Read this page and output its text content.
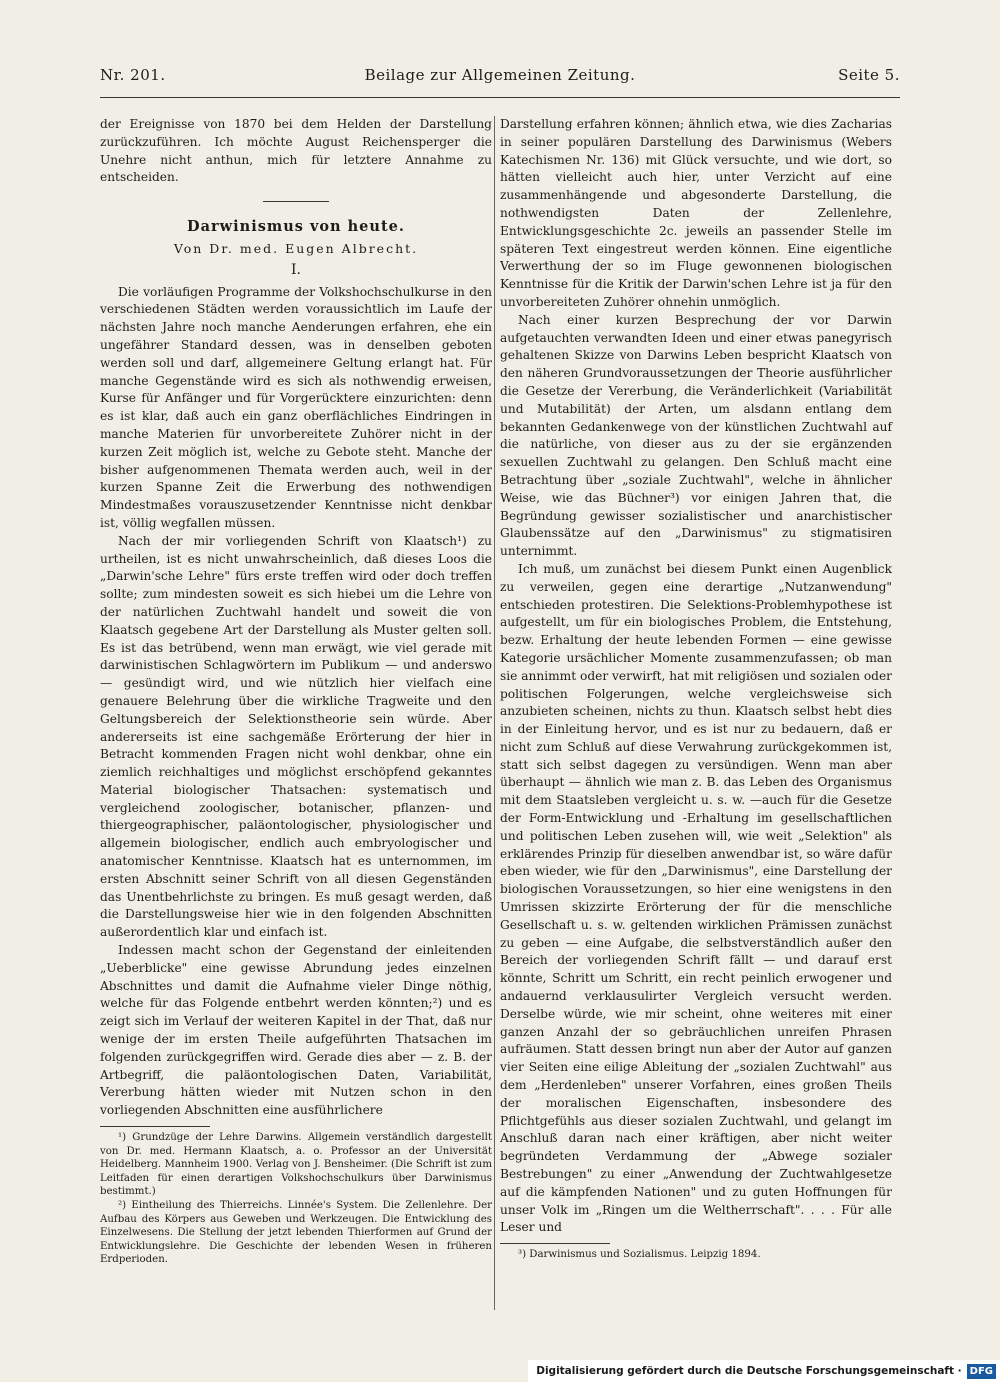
Nr. 201.	Beilage zur Allgemeinen Zeitung.	Seite 5.

der Ereignisse von 1870 bei dem Helden der Darstellung zurückzuführen. Ich möchte August Reichensperger die Unehre nicht anthun, mich für letztere Annahme zu entscheiden.

Darwinismus von heute.
Von Dr. med. Eugen Albrecht.
I.

Die vorläufigen Programme der Volkshochschulkurse in den verschiedenen Städten werden voraussichtlich im Laufe der nächsten Jahre noch manche Aenderungen erfahren, ehe ein ungefährer Standard dessen, was in denselben geboten werden soll und darf, allgemeinere Geltung erlangt hat. Für manche Gegenstände wird es sich als nothwendig erweisen, Kurse für Anfänger und für Vorgerücktere einzurichten: denn es ist klar, daß auch ein ganz oberflächliches Eindringen in manche Materien für unvorbereitete Zuhörer nicht in der kurzen Zeit möglich ist, welche zu Gebote steht. Manche der bisher aufgenommenen Themata werden auch, weil in der kurzen Spanne Zeit die Erwerbung des nothwendigen Mindestmaßes vorauszusetzender Kenntnisse nicht denkbar ist, völlig wegfallen müssen.

Nach der mir vorliegenden Schrift von Klaatsch¹) zu urtheilen, ist es nicht unwahrscheinlich, daß dieses Loos die „Darwin'sche Lehre" fürs erste treffen wird oder doch treffen sollte; zum mindesten soweit es sich hiebei um die Lehre von der natürlichen Zuchtwahl handelt und soweit die von Klaatsch gegebene Art der Darstellung als Muster gelten soll. Es ist das betrübend, wenn man erwägt, wie viel gerade mit darwinistischen Schlagwörtern im Publikum — und anderswo — gesündigt wird, und wie nützlich hier vielfach eine genauere Belehrung über die wirkliche Tragweite und den Geltungsbereich der Selektionstheorie sein würde. Aber andererseits ist eine sachgemäße Erörterung der hier in Betracht kommenden Fragen nicht wohl denkbar, ohne ein ziemlich reichhaltiges und möglichst erschöpfend gekanntes Material biologischer Thatsachen: systematisch und vergleichend zoologischer, botanischer, pflanzen- und thiergeographischer, paläontologischer, physiologischer und allgemein biologischer, endlich auch embryologischer und anatomischer Kenntnisse. Klaatsch hat es unternommen, im ersten Abschnitt seiner Schrift von all diesen Gegenständen das Unentbehrlichste zu bringen. Es muß gesagt werden, daß die Darstellungsweise hier wie in den folgenden Abschnitten außerordentlich klar und einfach ist.

Indessen macht schon der Gegenstand der einleitenden „Ueberblicke" eine gewisse Abrundung jedes einzelnen Abschnittes und damit die Aufnahme vieler Dinge nöthig, welche für das Folgende entbehrt werden könnten;²) und es zeigt sich im Verlauf der weiteren Kapitel in der That, daß nur wenige der im ersten Theile aufgeführten Thatsachen im folgenden zurückgegriffen wird. Gerade dies aber — z. B. der Artbegriff, die paläontologischen Daten, Variabilität, Vererbung hätten wieder mit Nutzen schon in den vorliegenden Abschnitten eine ausführlichere

¹) Grundzüge der Lehre Darwins. Allgemein verständlich dargestellt von Dr. med. Hermann Klaatsch, a. o. Professor an der Universität Heidelberg. Mannheim 1900. Verlag von J. Bensheimer. (Die Schrift ist zum Leitfaden für einen derartigen Volkshochschulkurs über Darwinismus bestimmt.)

²) Eintheilung des Thierreichs. Linnée's System. Die Zellenlehre. Der Aufbau des Körpers aus Geweben und Werkzeugen. Die Entwicklung des Einzelwesens. Die Stellung der jetzt lebenden Thierformen auf Grund der Entwicklungslehre. Die Geschichte der lebenden Wesen in früheren Erdperioden.

Darstellung erfahren können; ähnlich etwa, wie dies Zacharias in seiner populären Darstellung des Darwinismus (Webers Katechismen Nr. 136) mit Glück versuchte, und wie dort, so hätten vielleicht auch hier, unter Verzicht auf eine zusammenhängende und abgesonderte Darstellung, die nothwendigsten Daten der Zellenlehre, Entwicklungsgeschichte 2c. jeweils an passender Stelle im späteren Text eingestreut werden können. Eine eigentliche Verwerthung der so im Fluge gewonnenen biologischen Kenntnisse für die Kritik der Darwin'schen Lehre ist ja für den unvorbereiteten Zuhörer ohnehin unmöglich.

Nach einer kurzen Besprechung der vor Darwin aufgetauchten verwandten Ideen und einer etwas panegyrisch gehaltenen Skizze von Darwins Leben bespricht Klaatsch von den näheren Grundvoraussetzungen der Theorie ausführlicher die Gesetze der Vererbung, die Veränderlichkeit (Variabilität und Mutabilität) der Arten, um alsdann entlang dem bekannten Gedankenwege von der künstlichen Zuchtwahl auf die natürliche, von dieser aus zu der sie ergänzenden sexuellen Zuchtwahl zu gelangen. Den Schluß macht eine Betrachtung über „soziale Zuchtwahl", welche in ähnlicher Weise, wie das Büchner³) vor einigen Jahren that, die Begründung gewisser sozialistischer und anarchistischer Glaubenssätze auf den „Darwinismus" zu stigmatisiren unternimmt.

Ich muß, um zunächst bei diesem Punkt einen Augenblick zu verweilen, gegen eine derartige „Nutzanwendung" entschieden protestiren. Die Selektions-Problemhypothese ist aufgestellt, um für ein biologisches Problem, die Entstehung, bezw. Erhaltung der heute lebenden Formen — eine gewisse Kategorie ursächlicher Momente zusammenzufassen; ob man sie annimmt oder verwirft, hat mit religiösen und sozialen oder politischen Folgerungen, welche vergleichsweise sich anzubieten scheinen, nichts zu thun. Klaatsch selbst hebt dies in der Einleitung hervor, und es ist nur zu bedauern, daß er nicht zum Schluß auf diese Verwahrung zurückgekommen ist, statt sich selbst dagegen zu versündigen. Wenn man aber überhaupt — ähnlich wie man z. B. das Leben des Organismus mit dem Staatsleben vergleicht u. s. w. —auch für die Gesetze der Form-Entwicklung und -Erhaltung im gesellschaftlichen und politischen Leben zusehen will, wie weit „Selektion" als erklärendes Prinzip für dieselben anwendbar ist, so wäre dafür eben wieder, wie für den „Darwinismus", eine Darstellung der biologischen Voraussetzungen, so hier eine wenigstens in den Umrissen skizzirte Erörterung der für die menschliche Gesellschaft u. s. w. geltenden wirklichen Prämissen zunächst zu geben — eine Aufgabe, die selbstverständlich außer den Bereich der vorliegenden Schrift fällt — und darauf erst könnte, Schritt um Schritt, ein recht peinlich erwogener und andauernd verklausulirter Vergleich versucht werden. Derselbe würde, wie mir scheint, ohne weiteres mit einer ganzen Anzahl der so gebräuchlichen unreifen Phrasen aufräumen. Statt dessen bringt nun aber der Autor auf ganzen vier Seiten eine eilige Ableitung der „sozialen Zuchtwahl" aus dem „Herdenleben" unserer Vorfahren, eines großen Theils der moralischen Eigenschaften, insbesondere des Pflichtgefühls aus dieser sozialen Zuchtwahl, und gelangt im Anschluß daran nach einer kräftigen, aber nicht weiter begründeten Verdammung der „Abwege sozialer Bestrebungen" zu einer „Anwendung der Zuchtwahlgesetze auf die kämpfenden Nationen" und zu guten Hoffnungen für unser Volk im „Ringen um die Weltherrschaft". . . . Für alle Leser und

³) Darwinismus und Sozialismus. Leipzig 1894.

Digitalisierung gefördert durch die Deutsche Forschungsgemeinschaft · DFG
